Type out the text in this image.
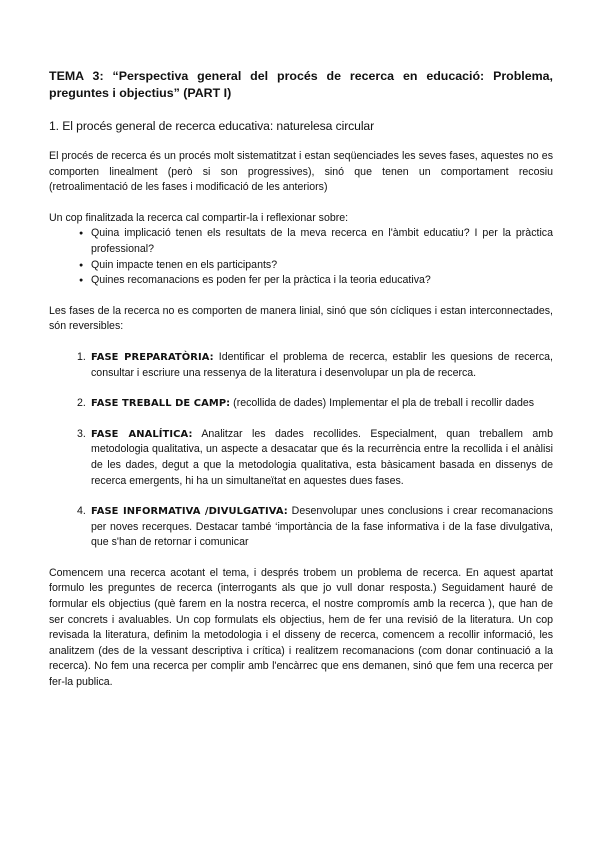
TEMA 3: “Perspectiva general del procés de recerca en educació: Problema, preguntes i objectius” (PART I)
1. El procés general de recerca educativa: naturelesa circular

El procés de recerca és un procés molt sistematitzat i estan seqüenciades les seves fases, aquestes no es comporten linealment (però si son progressives), sinó que tenen un comportament recosiu (retroalimentació de les fases i modificació de les anteriors)

Un cop finalitzada la recerca cal compartir-la i reflexionar sobre:

● Quina implicació tenen els resultats de la meva recerca en l'àmbit educatiu? I per la pràctica professional?
● Quin impacte tenen en els participants?
● Quines recomanacions es poden fer per la pràctica i la teoria educativa?

Les fases de la recerca no es comporten de manera linial, sinó que són cícliques i estan interconnectades, són reversibles:

1. FASE PREPARATÒRIA: Identificar el problema de recerca, establir les quesions de recerca, consultar i escriure una ressenya de la literatura i desenvolupar un pla de recerca.
2. FASE TREBALL DE CAMP: (recollida de dades) Implementar el pla de treball i recollir dades
3. FASE ANALÍTICA: Analitzar les dades recollides. Especialment, quan treballem amb metodologia qualitativa, un aspecte a desacatar que és la recurrència entre la recollida i el anàlisi de les dades, degut a que la metodologia qualitativa, esta bàsicament basada en dissenys de recerca emergents, hi ha un simultaneïtat en aquestes dues fases.
4. FASE INFORMATIVA /DIVULGATIVA: Desenvolupar unes conclusions i crear recomanacions per noves recerques. Destacar també ‘importància de la fase informativa i de la fase divulgativa, que s'han de retornar i comunicar

Comencem una recerca acotant el tema, i després trobem un problema de recerca. En aquest apartat formulo les preguntes de recerca (interrogants als que jo vull donar resposta.) Seguidament hauré de formular els objectius (què farem en la nostra recerca, el nostre compromís amb la recerca ), que han de ser concrets i avaluables. Un cop formulats els objectius, hem de fer una revisió de la literatura. Un cop revisada la literatura, definim la metodologia i el disseny de recerca, comencem a recollir informació, les analitzem (des de la vessant descriptiva i crítica) i realitzem recomanacions (com donar continuació a la recerca). No fem una recerca per complir amb l'encàrrec que ens demanen, sinó que fem una recerca per fer-la publica.
